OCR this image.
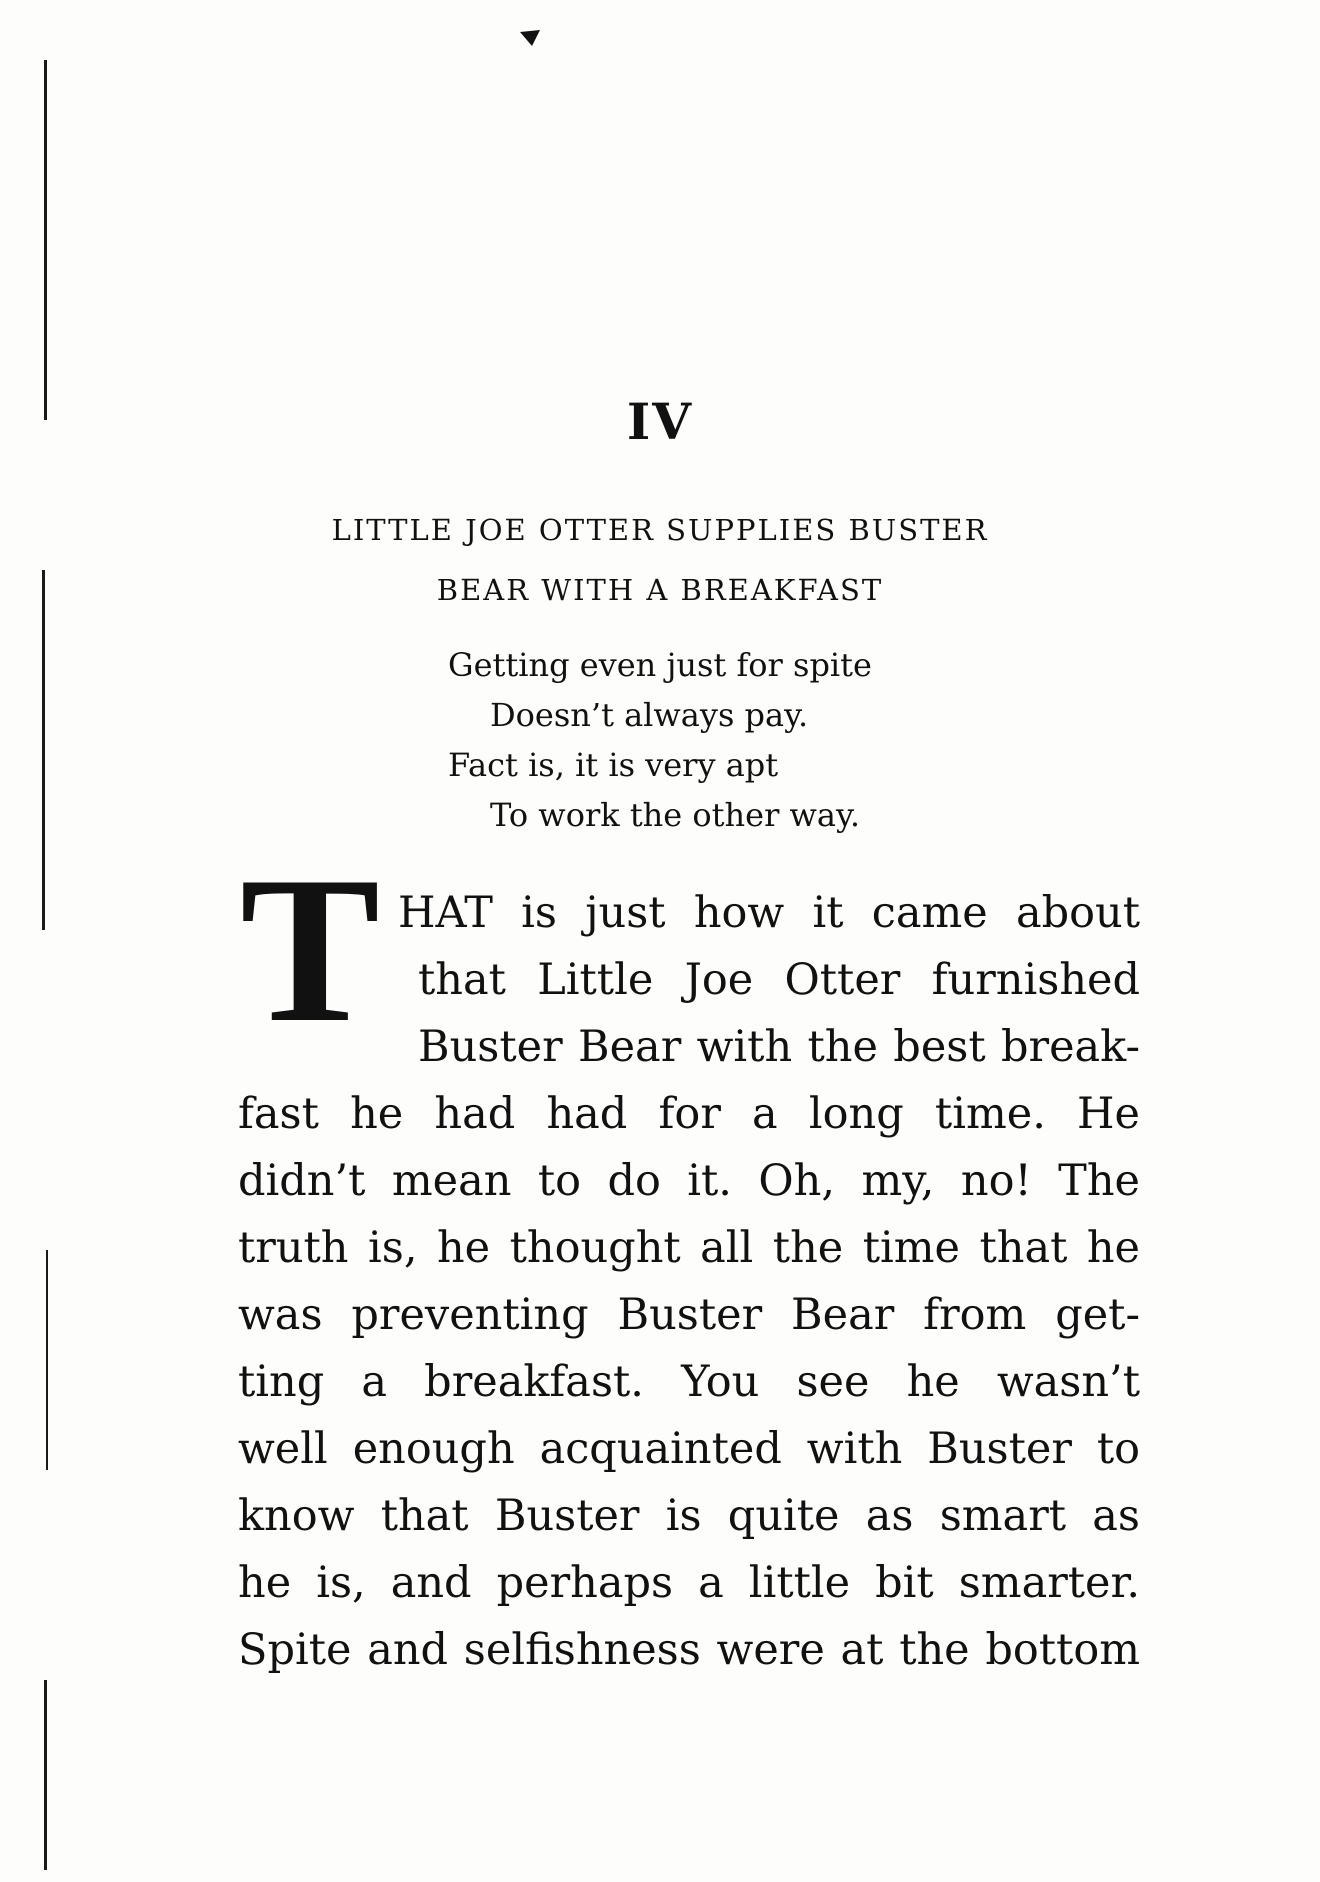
IV
LITTLE JOE OTTER SUPPLIES BUSTER
BEAR WITH A BREAKFAST
Getting even just for spite
Doesn’t always pay.
Fact is, it is very apt
To work the other way.
T HAT is just how it came about
that Little Joe Otter furnished
Buster Bear with the best break-
fast he had had for a long time. He
didn’t mean to do it. Oh, my, no! The
truth is, he thought all the time that he
was preventing Buster Bear from get-
ting a breakfast. You see he wasn’t
well enough acquainted with Buster to
know that Buster is quite as smart as
he is, and perhaps a little bit smarter.
Spite and selfishness were at the bottom
